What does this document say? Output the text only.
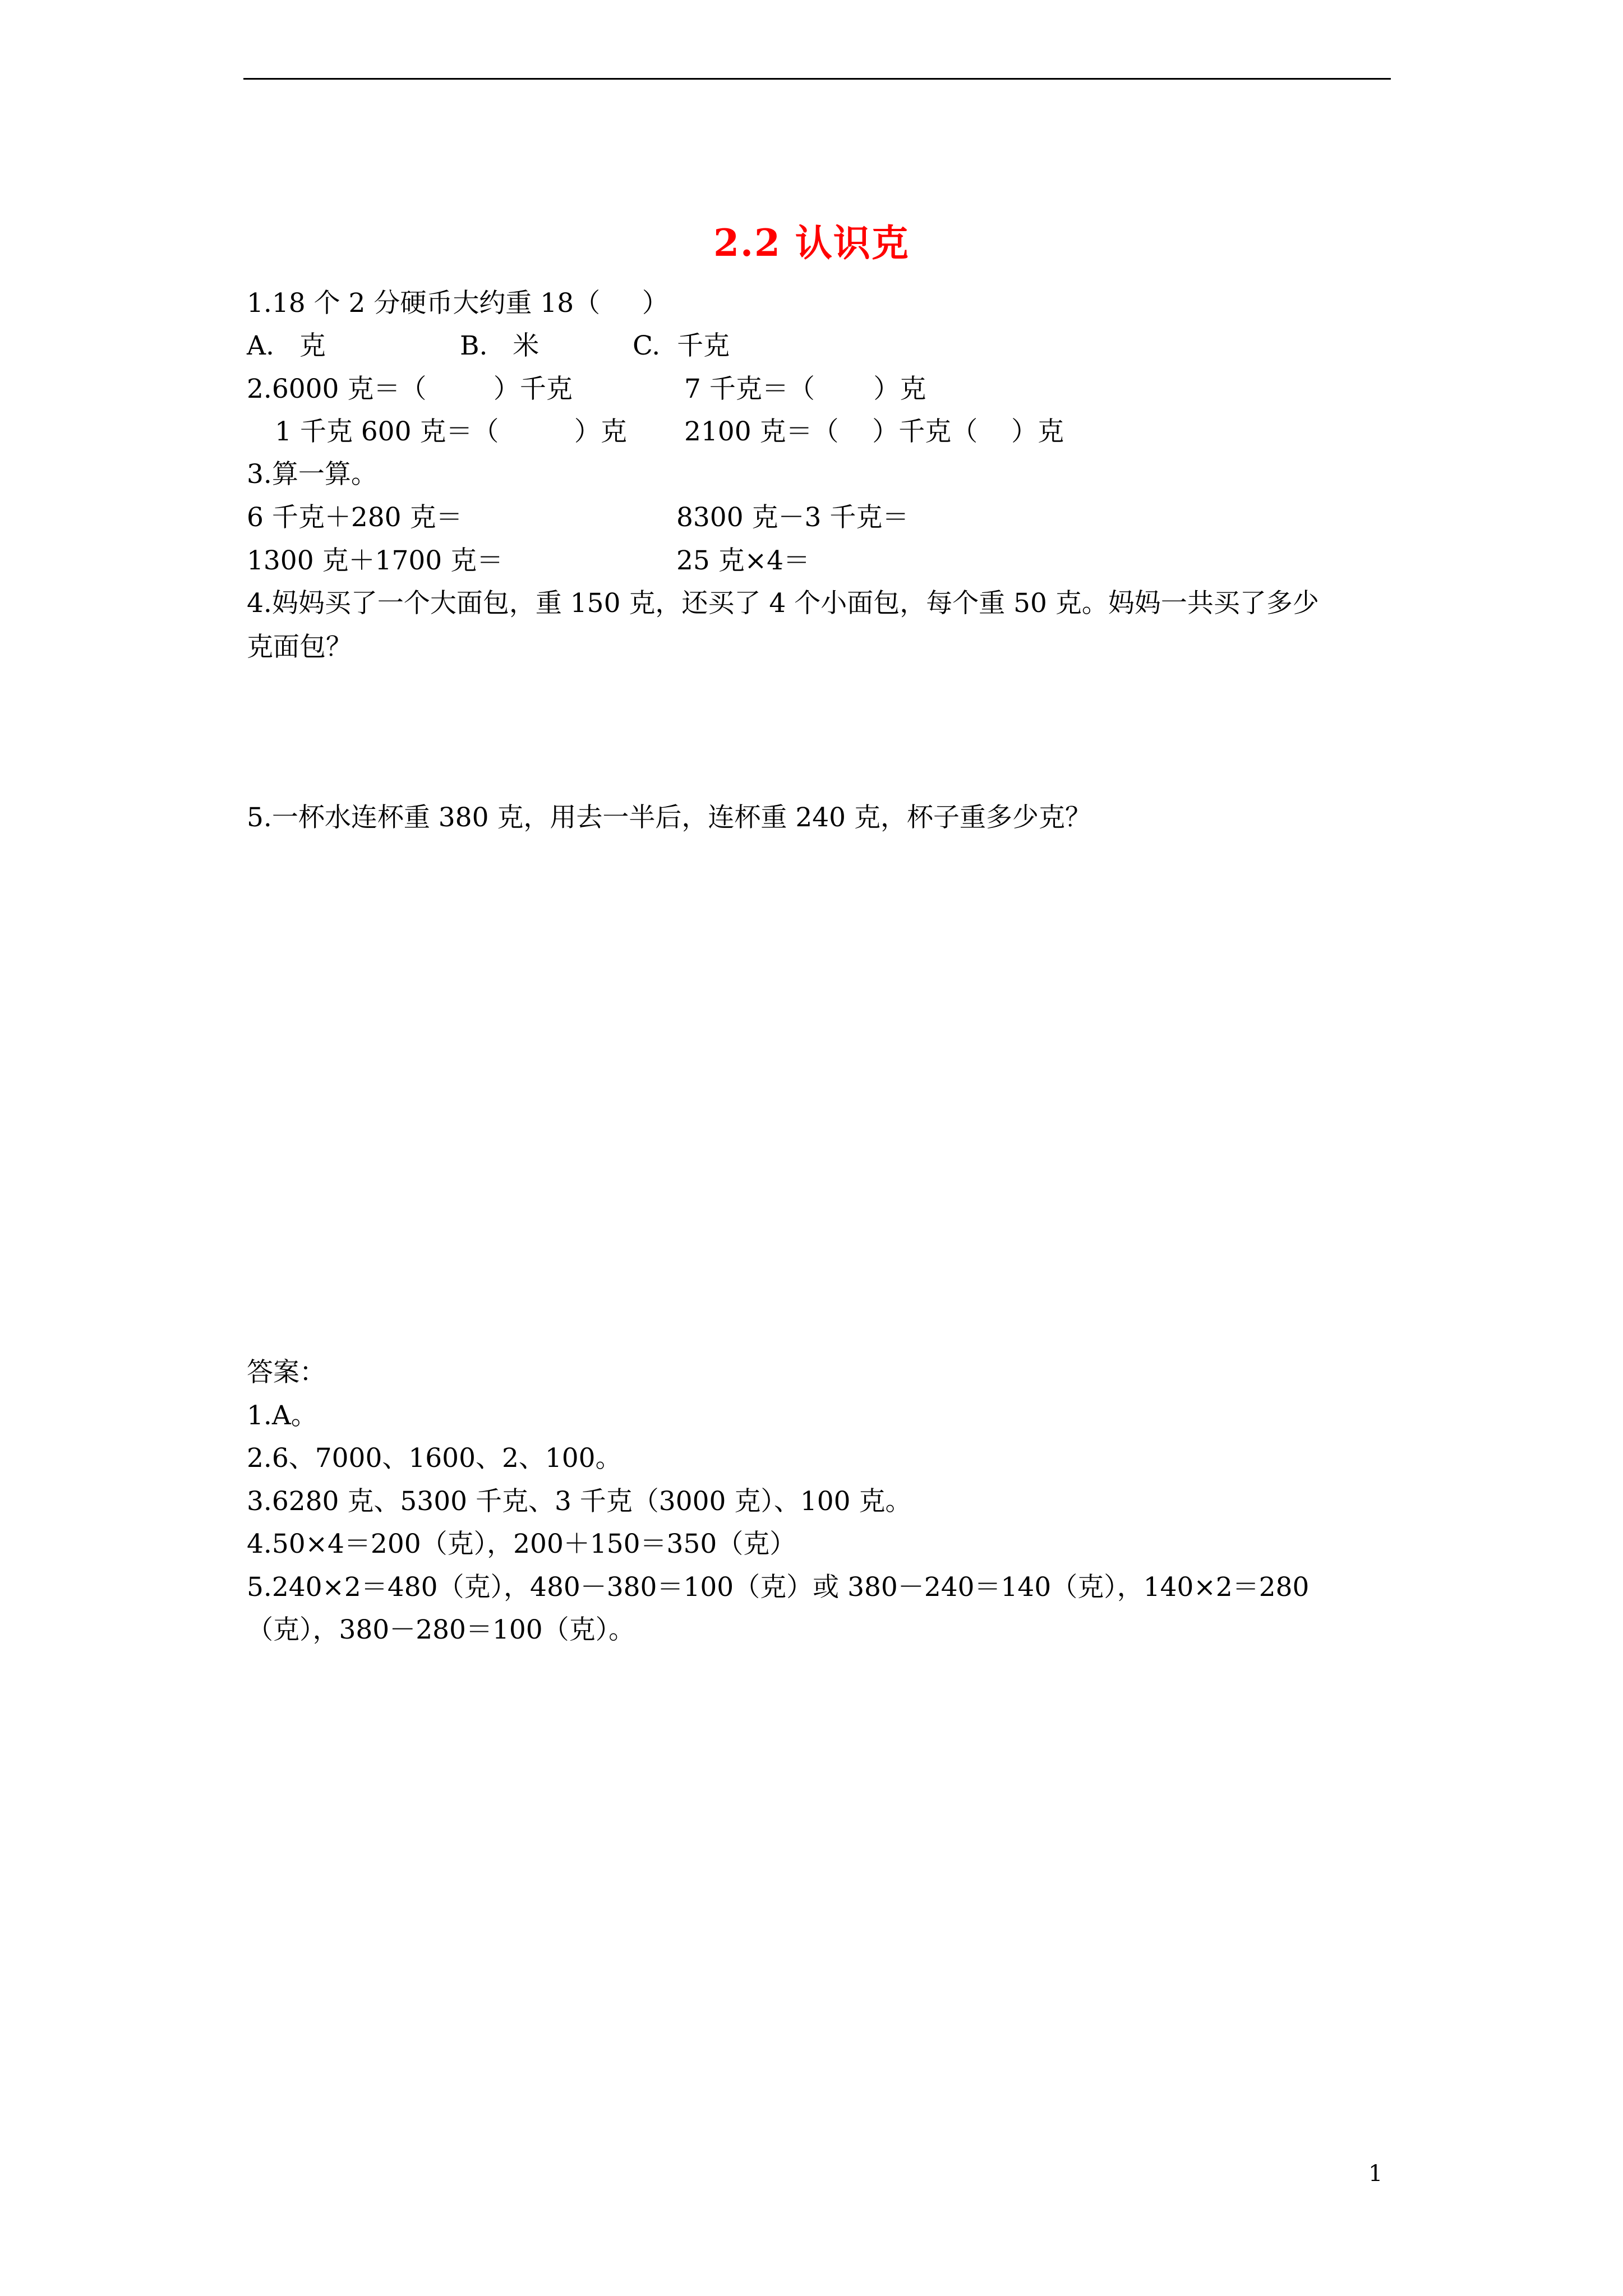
2.2 认识克
1.18 个 2 分硬币大约重 18（     ）
A.   克	B.   米	C.  千克
2.6000 克＝（        ）千克	7 千克＝（       ）克
1 千克 600 克＝（         ）克 2100 克＝（    ）千克（    ）克
3.算一算。
6 千克＋280 克＝	8300 克－3 千克＝
1300 克＋1700 克＝	25 克×4＝
4.妈妈买了一个大面包，重 150 克，还买了 4 个小面包，每个重 50 克。妈妈一共买了多少
克面包？
5.一杯水连杯重 380 克，用去一半后，连杯重 240 克，杯子重多少克？
答案：
1.A。
2.6、7000、1600、2、100。
3.6280 克、5300 千克、3 千克（3000 克）、100 克。
4.50×4＝200（克），200＋150＝350（克）
5.240×2＝480（克），480－380＝100（克）或 380－240＝140（克），140×2＝280
（克），380－280＝100（克）。
1
